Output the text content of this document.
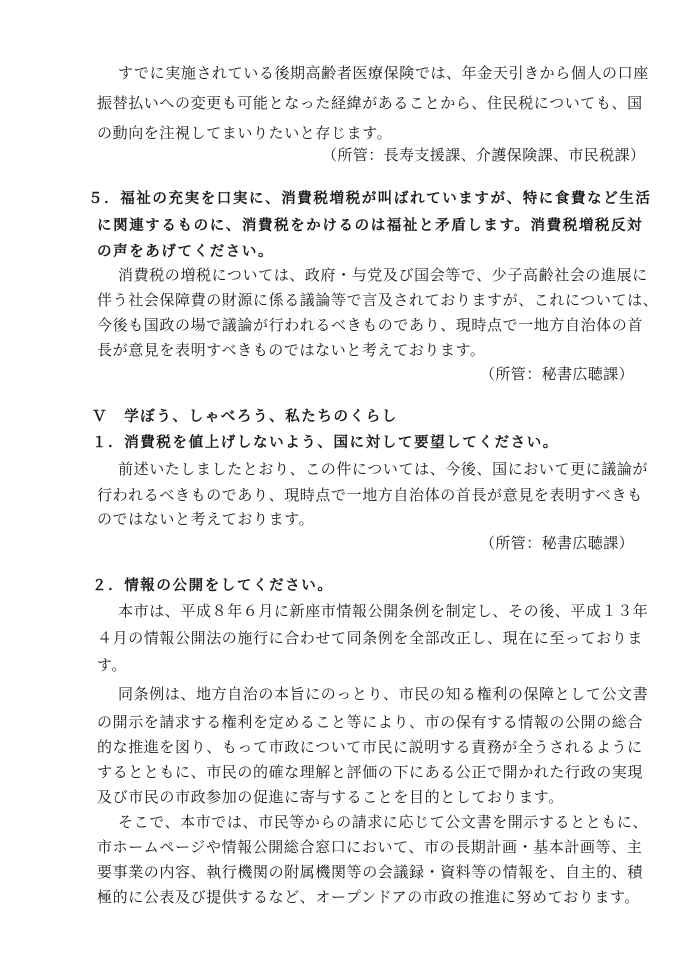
すでに実施されている後期高齢者医療保険では、年金天引きから個人の口座
振替払いへの変更も可能となった経緯があることから、住民税についても、国
の動向を注視してまいりたいと存じます。
（所管：長寿支援課、介護保険課、市民税課）
５．福祉の充実を口実に、消費税増税が叫ばれていますが、特に食費など生活
に関連するものに、消費税をかけるのは福祉と矛盾します。消費税増税反対
の声をあげてください。
消費税の増税については、政府・与党及び国会等で、少子高齢社会の進展に
伴う社会保障費の財源に係る議論等で言及されておりますが、これについては、
今後も国政の場で議論が行われるべきものであり、現時点で一地方自治体の首
長が意見を表明すべきものではないと考えております。
（所管：秘書広聴課）
Ｖ　学ぼう、しゃべろう、私たちのくらし
１．消費税を値上げしないよう、国に対して要望してください。
前述いたしましたとおり、この件については、今後、国において更に議論が
行われるべきものであり、現時点で一地方自治体の首長が意見を表明すべきも
のではないと考えております。
（所管：秘書広聴課）
２．情報の公開をしてください。
本市は、平成８年６月に新座市情報公開条例を制定し、その後、平成１３年
４月の情報公開法の施行に合わせて同条例を全部改正し、現在に至っておりま
す。
同条例は、地方自治の本旨にのっとり、市民の知る権利の保障として公文書
の開示を請求する権利を定めること等により、市の保有する情報の公開の総合
的な推進を図り、もって市政について市民に説明する責務が全うされるように
するとともに、市民の的確な理解と評価の下にある公正で開かれた行政の実現
及び市民の市政参加の促進に寄与することを目的としております。
そこで、本市では、市民等からの請求に応じて公文書を開示するとともに、
市ホームページや情報公開総合窓口において、市の長期計画・基本計画等、主
要事業の内容、執行機関の附属機関等の会議録・資料等の情報を、自主的、積
極的に公表及び提供するなど、オープンドアの市政の推進に努めております。
